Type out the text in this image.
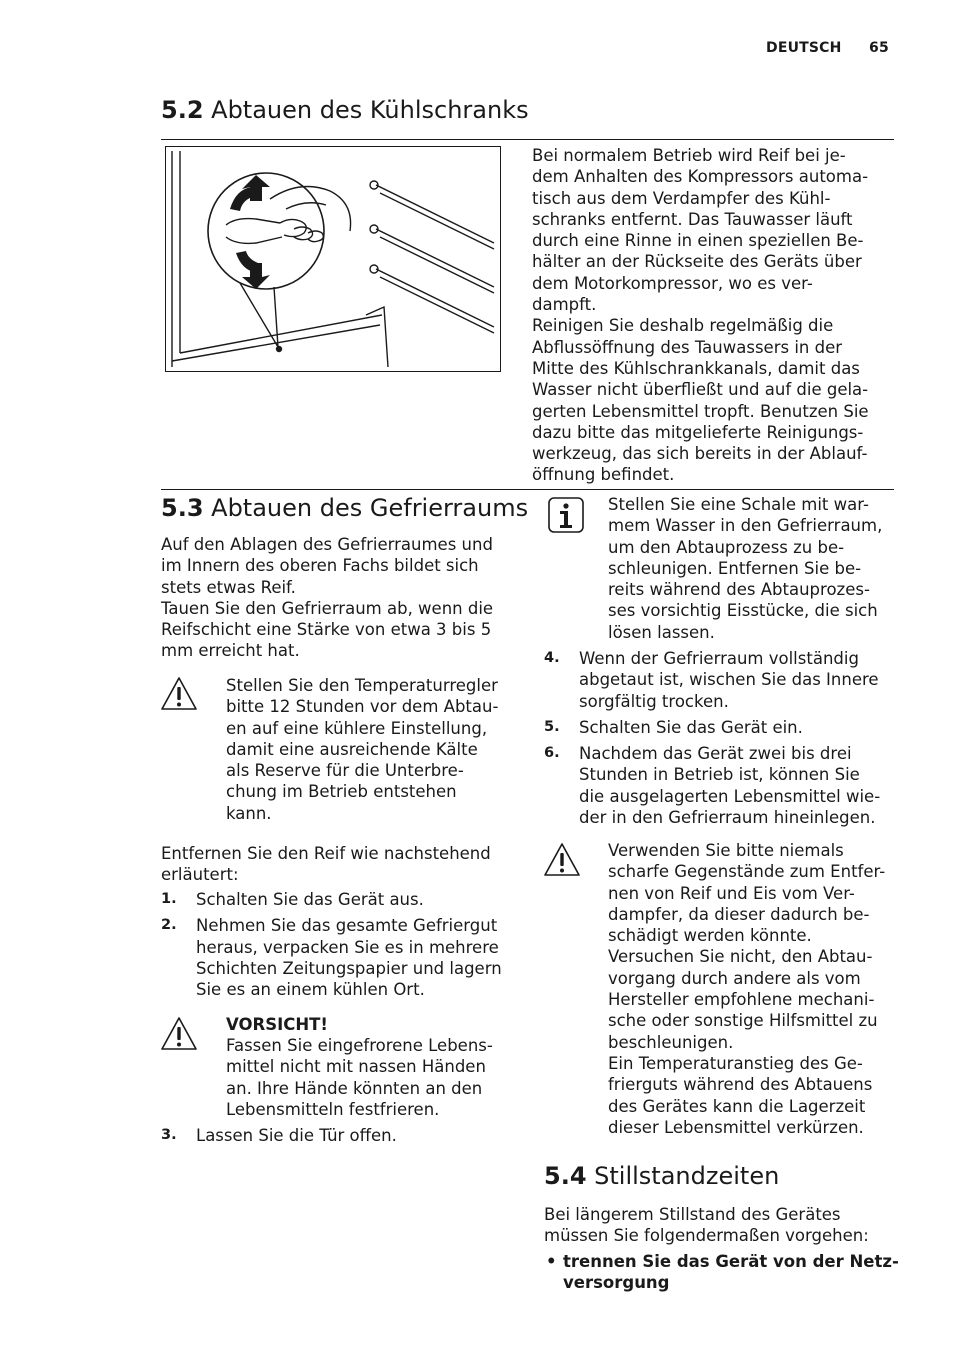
DEUTSCH 65
5.2 Abtauen des Kühlschranks
Bei normalem Betrieb wird Reif bei je-
dem Anhalten des Kompressors automa-
tisch aus dem Verdampfer des Kühl-
schranks entfernt. Das Tauwasser läuft
durch eine Rinne in einen speziellen Be-
hälter an der Rückseite des Geräts über
dem Motorkompressor, wo es ver-
dampft.
Reinigen Sie deshalb regelmäßig die
Abflussöffnung des Tauwassers in der
Mitte des Kühlschrankkanals, damit das
Wasser nicht überfließt und auf die gela-
gerten Lebensmittel tropft. Benutzen Sie
dazu bitte das mitgelieferte Reinigungs-
werkzeug, das sich bereits in der Ablauf-
öffnung befindet.
5.3 Abtauen des Gefrierraums
Auf den Ablagen des Gefrierraumes und
im Innern des oberen Fachs bildet sich
stets etwas Reif.
Tauen Sie den Gefrierraum ab, wenn die
Reifschicht eine Stärke von etwa 3 bis 5
mm erreicht hat.
Stellen Sie den Temperaturregler
bitte 12 Stunden vor dem Abtau-
en auf eine kühlere Einstellung,
damit eine ausreichende Kälte
als Reserve für die Unterbre-
chung im Betrieb entstehen
kann.
Entfernen Sie den Reif wie nachstehend
erläutert:
1. Schalten Sie das Gerät aus.
2. Nehmen Sie das gesamte Gefriergut
heraus, verpacken Sie es in mehrere
Schichten Zeitungspapier und lagern
Sie es an einem kühlen Ort.
VORSICHT!
Fassen Sie eingefrorene Lebens-
mittel nicht mit nassen Händen
an. Ihre Hände könnten an den
Lebensmitteln festfrieren.
3. Lassen Sie die Tür offen.
Stellen Sie eine Schale mit war-
mem Wasser in den Gefrierraum,
um den Abtauprozess zu be-
schleunigen. Entfernen Sie be-
reits während des Abtauprozes-
ses vorsichtig Eisstücke, die sich
lösen lassen.
4. Wenn der Gefrierraum vollständig
abgetaut ist, wischen Sie das Innere
sorgfältig trocken.
5. Schalten Sie das Gerät ein.
6. Nachdem das Gerät zwei bis drei
Stunden in Betrieb ist, können Sie
die ausgelagerten Lebensmittel wie-
der in den Gefrierraum hineinlegen.
Verwenden Sie bitte niemals
scharfe Gegenstände zum Entfer-
nen von Reif und Eis vom Ver-
dampfer, da dieser dadurch be-
schädigt werden könnte.
Versuchen Sie nicht, den Abtau-
vorgang durch andere als vom
Hersteller empfohlene mechani-
sche oder sonstige Hilfsmittel zu
beschleunigen.
Ein Temperaturanstieg des Ge-
frierguts während des Abtauens
des Gerätes kann die Lagerzeit
dieser Lebensmittel verkürzen.
5.4 Stillstandzeiten
Bei längerem Stillstand des Gerätes
müssen Sie folgendermaßen vorgehen:
• trennen Sie das Gerät von der Netz-
versorgung
